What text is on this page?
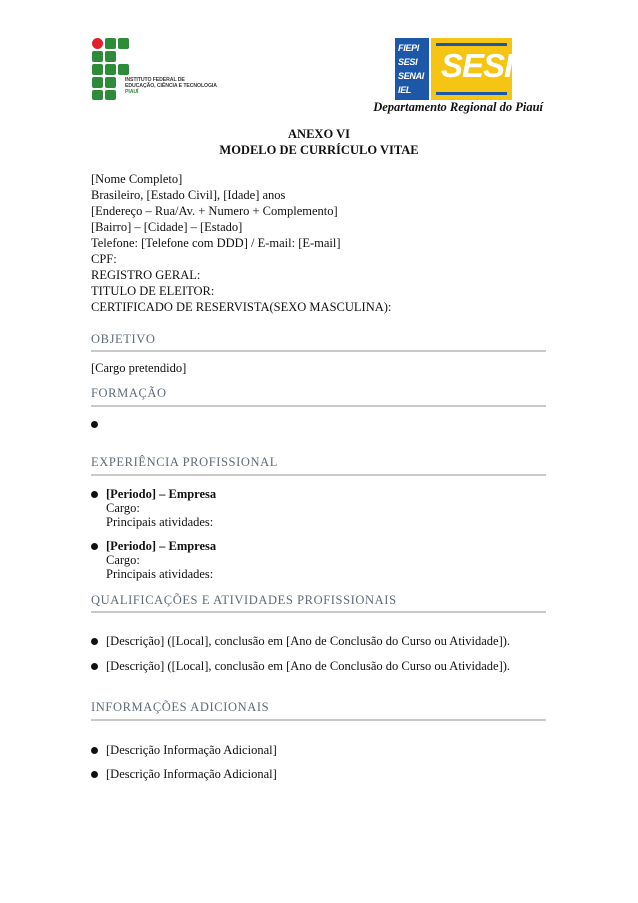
INSTITUTO FEDERAL DE
EDUCAÇÃO, CIÊNCIA E TECNOLOGIA
PIAUÍ
FIEPI
SESI
SENAI
IEL
SESI
Departamento Regional do Piauí
ANEXO VI
MODELO DE CURRÍCULO VITAE
[Nome Completo]
Brasileiro, [Estado Civil], [Idade] anos
[Endereço – Rua/Av. + Numero + Complemento]
[Bairro] – [Cidade] – [Estado]
Telefone: [Telefone com DDD] / E-mail: [E-mail]
CPF:
REGISTRO GERAL:
TITULO DE ELEITOR:
CERTIFICADO DE RESERVISTA(SEXO MASCULINA):
OBJETIVO
[Cargo pretendido]
FORMAÇÃO
EXPERIÊNCIA PROFISSIONAL
[Periodo] – Empresa
Cargo:
Principais atividades:
[Periodo] – Empresa
Cargo:
Principais atividades:
QUALIFICAÇÕES E ATIVIDADES PROFISSIONAIS
[Descrição] ([Local], conclusão em [Ano de Conclusão do Curso ou Atividade]).
[Descrição] ([Local], conclusão em [Ano de Conclusão do Curso ou Atividade]).
INFORMAÇÕES ADICIONAIS
[Descrição Informação Adicional]
[Descrição Informação Adicional]
